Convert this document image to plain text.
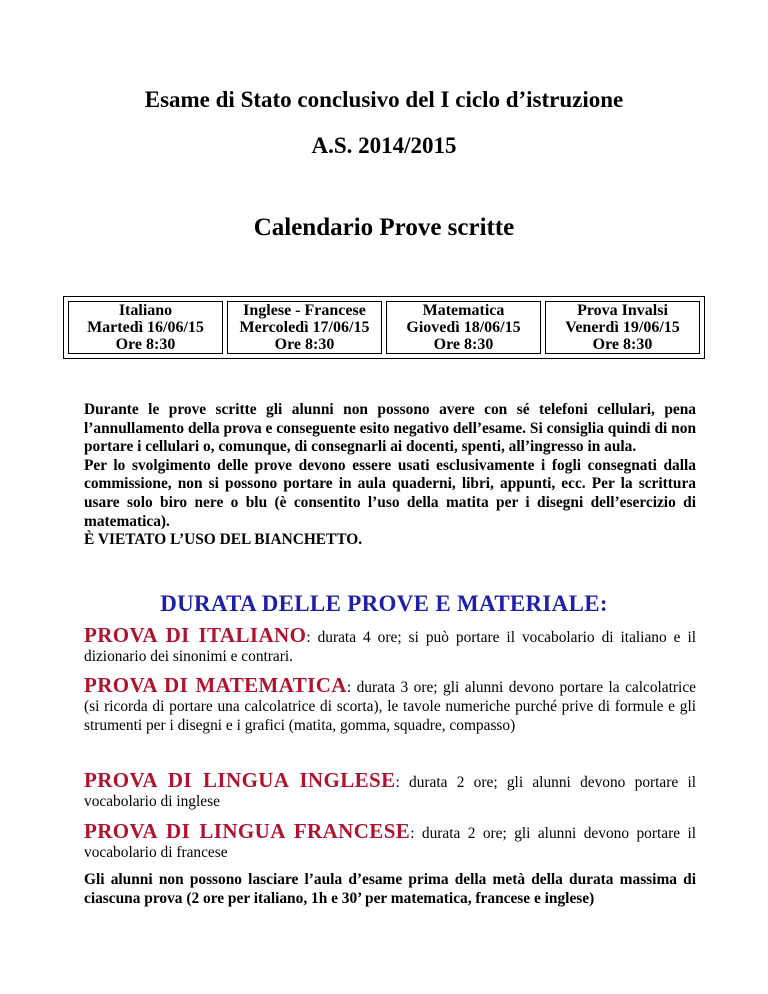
Esame di Stato conclusivo del I ciclo d’istruzione
A.S. 2014/2015
Calendario Prove scritte
Italiano
Martedì 16/06/15
Ore 8:30

Inglese - Francese
Mercoledì 17/06/15
Ore 8:30

Matematica
Giovedì 18/06/15
Ore 8:30

Prova Invalsi
Venerdì 19/06/15
Ore 8:30
Durante le prove scritte gli alunni non possono avere con sé telefoni cellulari, pena l’annullamento della prova e conseguente esito negativo dell’esame. Si consiglia quindi di non portare i cellulari o, comunque, di consegnarli ai docenti, spenti, all’ingresso in aula.
Per lo svolgimento delle prove devono essere usati esclusivamente i fogli consegnati dalla commissione, non si possono portare in aula quaderni, libri, appunti, ecc. Per la scrittura usare solo biro nere o blu (è consentito l’uso della matita per i disegni dell’esercizio di matematica).
È VIETATO L’USO DEL BIANCHETTO.
DURATA DELLE PROVE E MATERIALE:
PROVA DI ITALIANO: durata 4 ore; si può portare il vocabolario di italiano e il dizionario dei sinonimi e contrari.
PROVA DI MATEMATICA: durata 3 ore; gli alunni devono portare la calcolatrice (si ricorda di portare una calcolatrice di scorta), le tavole numeriche purché prive di formule e gli strumenti per i disegni e i grafici (matita, gomma, squadre, compasso)
PROVA DI LINGUA INGLESE: durata 2 ore; gli alunni devono portare il vocabolario di inglese
PROVA DI LINGUA FRANCESE: durata 2 ore; gli alunni devono portare il vocabolario di francese
Gli alunni non possono lasciare l’aula d’esame prima della metà della durata massima di ciascuna prova (2 ore per italiano, 1h e 30’ per matematica, francese e inglese)
